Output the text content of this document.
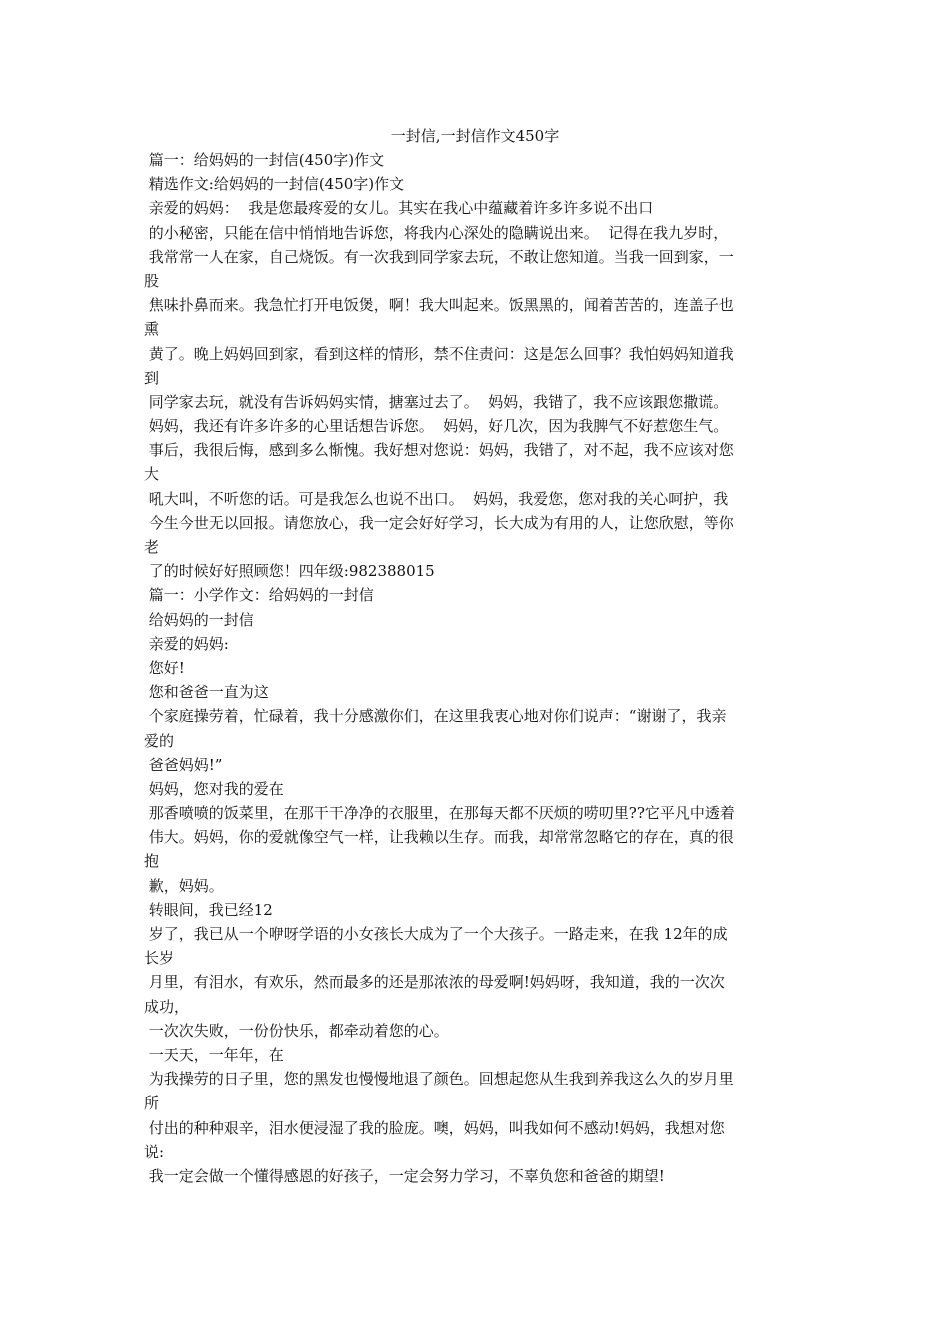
一封信,一封信作文450字
篇一：给妈妈的一封信(450字)作文
精选作文:给妈妈的一封信(450字)作文
亲爱的妈妈：  我是您最疼爱的女儿。其实在我心中蕴藏着许多许多说不出口
的小秘密，只能在信中悄悄地告诉您，将我内心深处的隐瞒说出来。  记得在我九岁时，
我常常一人在家，自己烧饭。有一次我到同学家去玩，不敢让您知道。当我一回到家，一
股
焦味扑鼻而来。我急忙打开电饭煲，啊！我大叫起来。饭黑黑的，闻着苦苦的，连盖子也
熏
黄了。晚上妈妈回到家，看到这样的情形，禁不住责问：这是怎么回事？我怕妈妈知道我
到
同学家去玩，就没有告诉妈妈实情，搪塞过去了。  妈妈，我错了，我不应该跟您撒谎。
妈妈，我还有许多许多的心里话想告诉您。  妈妈，好几次，因为我脾气不好惹您生气。
事后，我很后悔，感到多么惭愧。我好想对您说：妈妈，我错了，对不起，我不应该对您
大
吼大叫，不听您的话。可是我怎么也说不出口。  妈妈，我爱您，您对我的关心呵护，我
今生今世无以回报。请您放心，我一定会好好学习，长大成为有用的人，让您欣慰，等你
老
了的时候好好照顾您！四年级:982388015
篇一：小学作文：给妈妈的一封信
给妈妈的一封信
亲爱的妈妈:
您好!
您和爸爸一直为这
个家庭操劳着，忙碌着，我十分感激你们，在这里我衷心地对你们说声：“谢谢了，我亲
爱的
爸爸妈妈!”
妈妈，您对我的爱在
那香喷喷的饭菜里，在那干干净净的衣服里，在那每天都不厌烦的唠叨里??它平凡中透着
伟大。妈妈，你的爱就像空气一样，让我赖以生存。而我，却常常忽略它的存在，真的很
抱
歉，妈妈。
转眼间，我已经12
岁了，我已从一个咿呀学语的小女孩长大成为了一个大孩子。一路走来，在我 12年的成
长岁
月里，有泪水，有欢乐，然而最多的还是那浓浓的母爱啊!妈妈呀，我知道，我的一次次
成功，
一次次失败，一份份快乐，都牵动着您的心。
一天天，一年年，在
为我操劳的日子里，您的黑发也慢慢地退了颜色。回想起您从生我到养我这么久的岁月里
所
付出的种种艰辛，泪水便浸湿了我的脸庞。噢，妈妈，叫我如何不感动!妈妈，我想对您
说:
我一定会做一个懂得感恩的好孩子，一定会努力学习，不辜负您和爸爸的期望!
